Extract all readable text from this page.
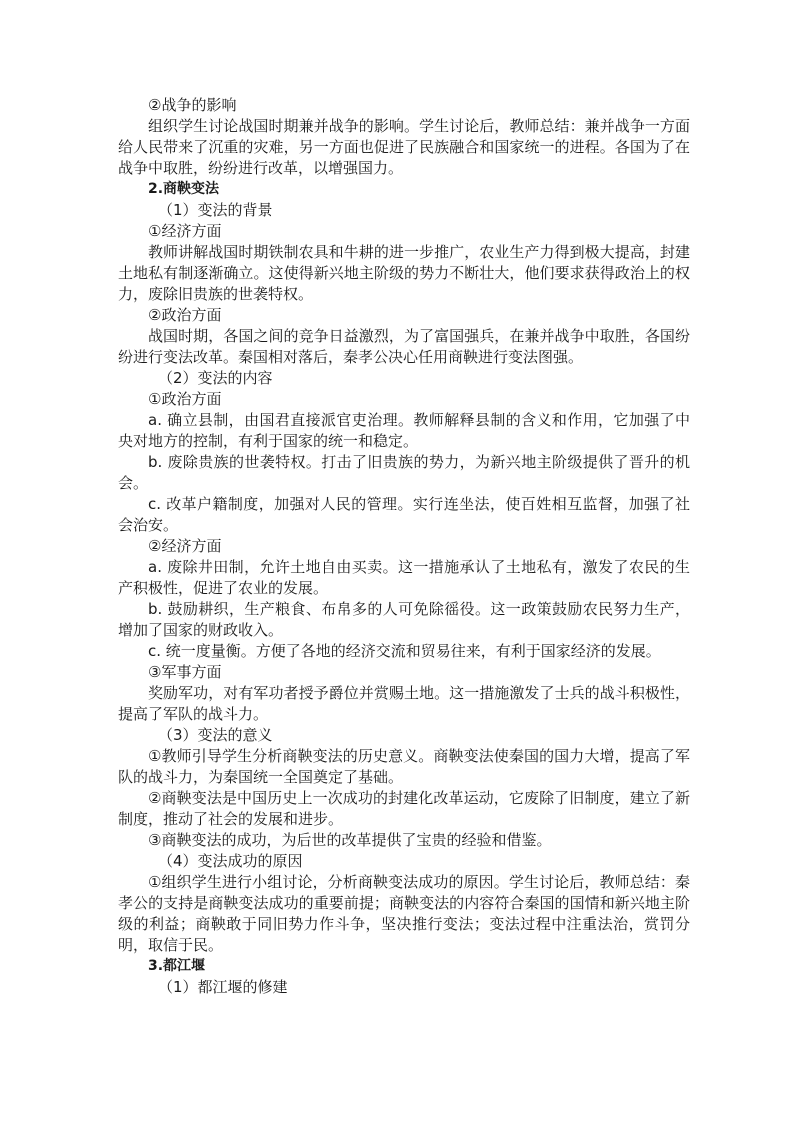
②战争的影响

组织学生讨论战国时期兼并战争的影响。学生讨论后，教师总结：兼并战争一方面给人民带来了沉重的灾难，另一方面也促进了民族融合和国家统一的进程。各国为了在战争中取胜，纷纷进行改革，以增强国力。

2.商鞅变法

（1）变法的背景

①经济方面

教师讲解战国时期铁制农具和牛耕的进一步推广，农业生产力得到极大提高，封建土地私有制逐渐确立。这使得新兴地主阶级的势力不断壮大，他们要求获得政治上的权力，废除旧贵族的世袭特权。

②政治方面

战国时期，各国之间的竞争日益激烈，为了富国强兵，在兼并战争中取胜，各国纷纷进行变法改革。秦国相对落后，秦孝公决心任用商鞅进行变法图强。

（2）变法的内容

①政治方面

a. 确立县制，由国君直接派官吏治理。教师解释县制的含义和作用，它加强了中央对地方的控制，有利于国家的统一和稳定。

b. 废除贵族的世袭特权。打击了旧贵族的势力，为新兴地主阶级提供了晋升的机会。

c. 改革户籍制度，加强对人民的管理。实行连坐法，使百姓相互监督，加强了社会治安。

②经济方面

a. 废除井田制，允许土地自由买卖。这一措施承认了土地私有，激发了农民的生产积极性，促进了农业的发展。

b. 鼓励耕织，生产粮食、布帛多的人可免除徭役。这一政策鼓励农民努力生产，增加了国家的财政收入。

c. 统一度量衡。方便了各地的经济交流和贸易往来，有利于国家经济的发展。

③军事方面

奖励军功，对有军功者授予爵位并赏赐土地。这一措施激发了士兵的战斗积极性，提高了军队的战斗力。

（3）变法的意义

①教师引导学生分析商鞅变法的历史意义。商鞅变法使秦国的国力大增，提高了军队的战斗力，为秦国统一全国奠定了基础。

②商鞅变法是中国历史上一次成功的封建化改革运动，它废除了旧制度，建立了新制度，推动了社会的发展和进步。

③商鞅变法的成功，为后世的改革提供了宝贵的经验和借鉴。

（4）变法成功的原因

①组织学生进行小组讨论，分析商鞅变法成功的原因。学生讨论后，教师总结：秦孝公的支持是商鞅变法成功的重要前提；商鞅变法的内容符合秦国的国情和新兴地主阶级的利益；商鞅敢于同旧势力作斗争，坚决推行变法；变法过程中注重法治，赏罚分明，取信于民。

3.都江堰

（1）都江堰的修建
